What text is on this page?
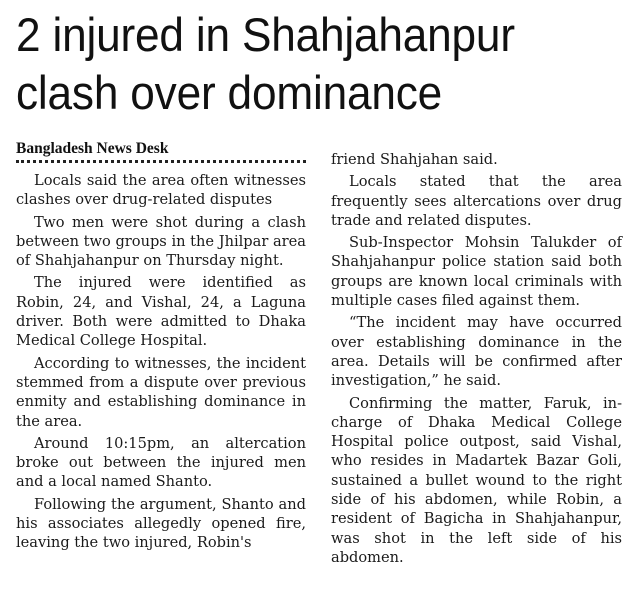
2 injured in Shahjahanpur
clash over dominance
Bangladesh News Desk

Locals said the area often witnesses clashes over drug-related disputes

Two men were shot during a clash between two groups in the Jhilpar area of Shahjahanpur on Thursday night.

The injured were identified as Robin, 24, and Vishal, 24, a Laguna driver. Both were admitted to Dhaka Medical College Hospital.

According to witnesses, the incident stemmed from a dispute over previous enmity and establishing dominance in the area.

Around 10:15pm, an altercation broke out between the injured men and a local named Shanto.

Following the argument, Shanto and his associates allegedly opened fire, leaving the two injured, Robin's

friend Shahjahan said.

Locals stated that the area frequently sees altercations over drug trade and related disputes.

Sub-Inspector Mohsin Talukder of Shahjahanpur police station said both groups are known local criminals with multiple cases filed against them.

“The incident may have occurred over establishing dominance in the area. Details will be confirmed after investigation,” he said.

Confirming the matter, Faruk, in-charge of Dhaka Medical College Hospital police outpost, said Vishal, who resides in Madartek Bazar Goli, sustained a bullet wound to the right side of his abdomen, while Robin, a resident of Bagicha in Shahjahanpur, was shot in the left side of his abdomen.
